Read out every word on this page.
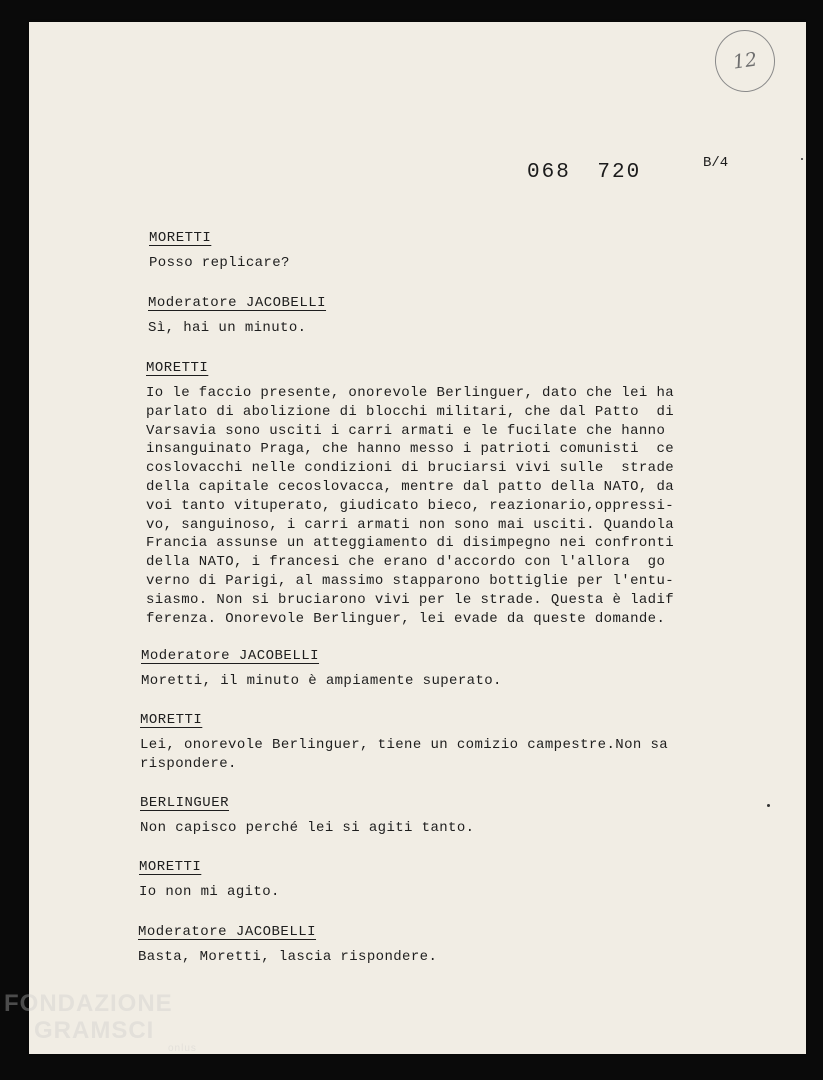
12
068 720	B/4
MORETTI
Posso replicare?
Moderatore JACOBELLI
Sì, hai un minuto.
MORETTI
Io le faccio presente, onorevole Berlinguer, dato che lei ha
parlato di abolizione di blocchi militari, che dal Patto  di
Varsavia sono usciti i carri armati e le fucilate che hanno
insanguinato Praga, che hanno messo i patrioti comunisti  ce
coslovacchi nelle condizioni di bruciarsi vivi sulle  strade
della capitale cecoslovacca, mentre dal patto della NATO, da
voi tanto vituperato, giudicato bieco, reazionario,oppressi-
vo, sanguinoso, i carri armati non sono mai usciti. Quandola
Francia assunse un atteggiamento di disimpegno nei confronti
della NATO, i francesi che erano d'accordo con l'allora  go
verno di Parigi, al massimo stapparono bottiglie per l'entu-
siasmo. Non si bruciarono vivi per le strade. Questa è ladif
ferenza. Onorevole Berlinguer, lei evade da queste domande.
Moderatore JACOBELLI
Moretti, il minuto è ampiamente superato.
MORETTI
Lei, onorevole Berlinguer, tiene un comizio campestre.Non sa
rispondere.
BERLINGUER
Non capisco perché lei si agiti tanto.
MORETTI
Io non mi agito.
Moderatore JACOBELLI
Basta, Moretti, lascia rispondere.
FONDAZIONE
GRAMSCI
onlus
